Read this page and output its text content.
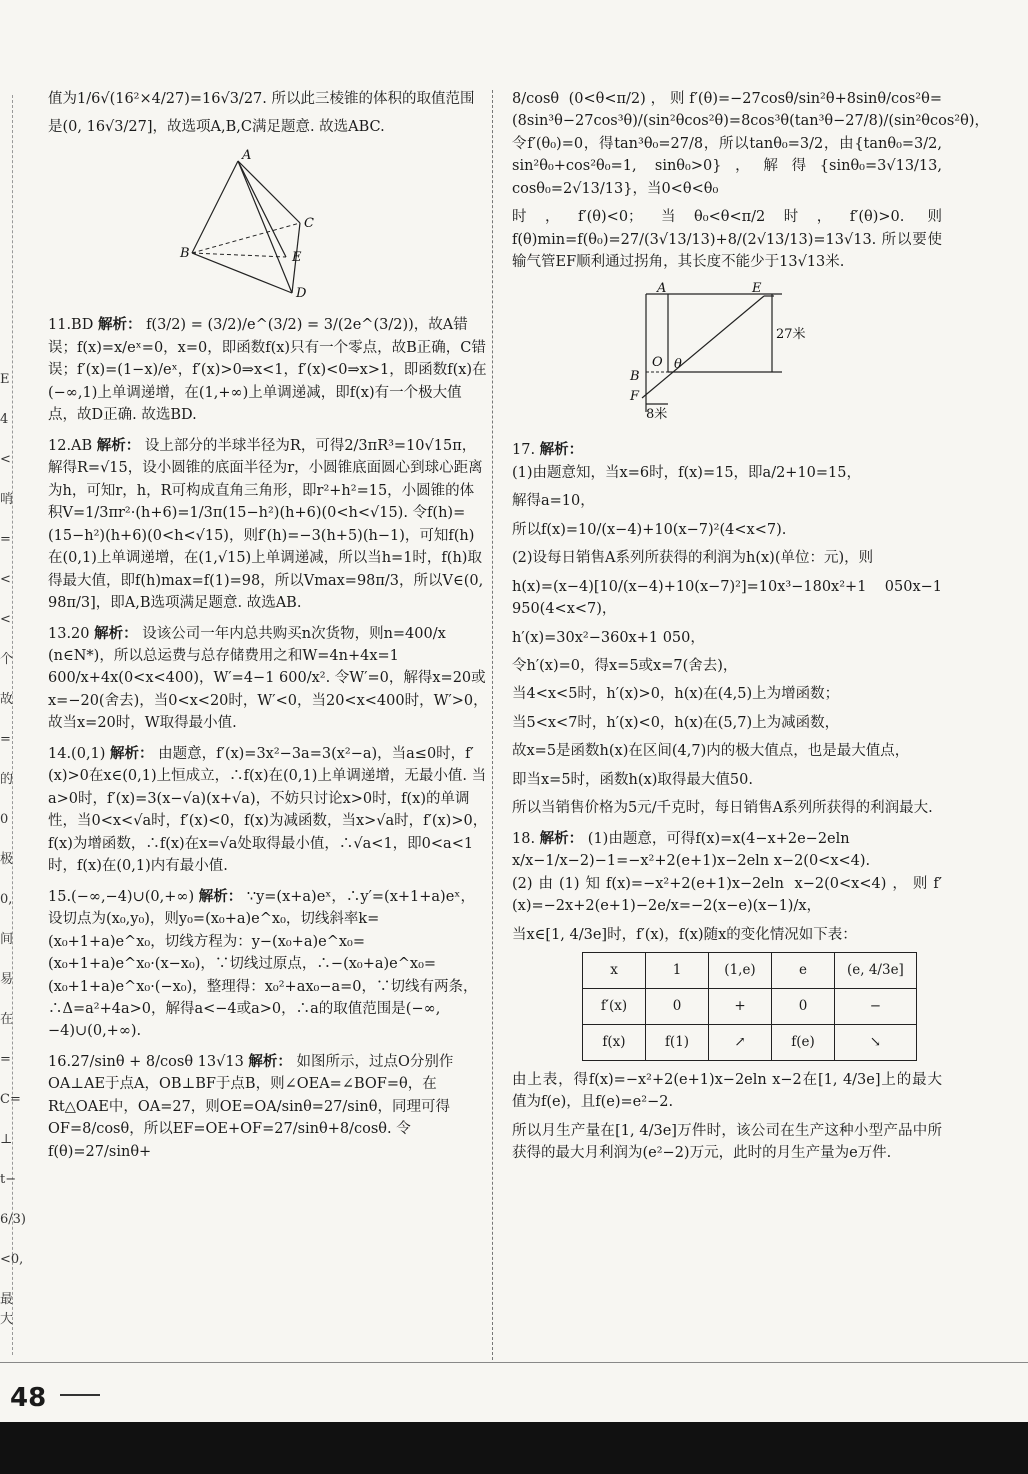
E
4
<
哨
=
<
<
个
故
=
的
0
极
0,
间
易
在
=
C=
⊥
t−
6/3)
<0,
最大

值为1/6√(16²×4/27)=16√3/27. 所以此三棱锥的体积的取值范围

是(0, 16√3/27]，故选项A,B,C满足题意. 故选ABC.

A
B
C
D
E
11.BD 解析： f(3/2) = (3/2)/e^(3/2) = 3/(2e^(3/2))，故A错误；f(x)=x/eˣ=0，x=0，即函数f(x)只有一个零点，故B正确，C错误；f′(x)=(1−x)/eˣ，f′(x)>0⇒x<1，f′(x)<0⇒x>1，即函数f(x)在(−∞,1)上单调递增，在(1,+∞)上单调递减，即f(x)有一个极大值点，故D正确. 故选BD.
12.AB 解析： 设上部分的半球半径为R，可得2/3πR³=10√15π，解得R=√15，设小圆锥的底面半径为r，小圆锥底面圆心到球心距离为h，可知r，h，R可构成直角三角形，即r²+h²=15，小圆锥的体积V=1/3πr²·(h+6)=1/3π(15−h²)(h+6)(0<h<√15). 令f(h)=(15−h²)(h+6)(0<h<√15)，则f′(h)=−3(h+5)(h−1)，可知f(h)在(0,1)上单调递增，在(1,√15)上单调递减，所以当h=1时，f(h)取得最大值，即f(h)max=f(1)=98，所以Vmax=98π/3，所以V∈(0, 98π/3]，即A,B选项满足题意. 故选AB.
13.20 解析： 设该公司一年内总共购买n次货物，则n=400/x (n∈N*)，所以总运费与总存储费用之和W=4n+4x=1 600/x+4x(0<x<400)，W′=4−1 600/x². 令W′=0，解得x=20或x=−20(舍去)，当0<x<20时，W′<0，当20<x<400时，W′>0，故当x=20时，W取得最小值.
14.(0,1) 解析： 由题意，f′(x)=3x²−3a=3(x²−a)，当a≤0时，f′(x)>0在x∈(0,1)上恒成立，∴f(x)在(0,1)上单调递增，无最小值. 当a>0时，f′(x)=3(x−√a)(x+√a)，不妨只讨论x>0时，f(x)的单调性，当0<x<√a时，f′(x)<0，f(x)为减函数，当x>√a时，f′(x)>0，f(x)为增函数，∴f(x)在x=√a处取得最小值，∴√a<1，即0<a<1时，f(x)在(0,1)内有最小值.
15.(−∞,−4)∪(0,+∞) 解析： ∵y=(x+a)eˣ，∴y′=(x+1+a)eˣ，设切点为(x₀,y₀)，则y₀=(x₀+a)e^x₀，切线斜率k=(x₀+1+a)e^x₀，切线方程为：y−(x₀+a)e^x₀=(x₀+1+a)e^x₀·(x−x₀)，∵切线过原点，∴−(x₀+a)e^x₀=(x₀+1+a)e^x₀·(−x₀)，整理得：x₀²+ax₀−a=0，∵切线有两条，∴Δ=a²+4a>0，解得a<−4或a>0，∴a的取值范围是(−∞,−4)∪(0,+∞).
16.27/sinθ + 8/cosθ 13√13 解析： 如图所示，过点O分别作OA⊥AE于点A，OB⊥BF于点B，则∠OEA=∠BOF=θ，在Rt△OAE中，OA=27，则OE=OA/sinθ=27/sinθ，同理可得OF=8/cosθ，所以EF=OE+OF=27/sinθ+8/cosθ. 令f(θ)=27/sinθ+

8/cosθ (0<θ<π/2)，则f′(θ)=−27cosθ/sin²θ+8sinθ/cos²θ=(8sin³θ−27cos³θ)/(sin²θcos²θ)=8cos³θ(tan³θ−27/8)/(sin²θcos²θ)，令f′(θ₀)=0，得tan³θ₀=27/8，所以tanθ₀=3/2，由{tanθ₀=3/2, sin²θ₀+cos²θ₀=1, sinθ₀>0}，解得{sinθ₀=3√13/13, cosθ₀=2√13/13}，当0<θ<θ₀

时，f′(θ)<0；当θ₀<θ<π/2时，f′(θ)>0. 则f(θ)min=f(θ₀)=27/(3√13/13)+8/(2√13/13)=13√13. 所以要使输气管EF顺利通过拐角，其长度不能少于13√13米.

A	E
O θ
B
F
27米
8米
17. 解析：

(1)由题意知，当x=6时，f(x)=15，即a/2+10=15，

解得a=10，

所以f(x)=10/(x−4)+10(x−7)²(4<x<7).

(2)设每日销售A系列所获得的利润为h(x)(单位：元)，则

h(x)=(x−4)[10/(x−4)+10(x−7)²]=10x³−180x²+1 050x−1 950(4<x<7)，

h′(x)=30x²−360x+1 050，

令h′(x)=0，得x=5或x=7(舍去)，

当4<x<5时，h′(x)>0，h(x)在(4,5)上为增函数；

当5<x<7时，h′(x)<0，h(x)在(5,7)上为减函数，

故x=5是函数h(x)在区间(4,7)内的极大值点，也是最大值点，

即当x=5时，函数h(x)取得最大值50.

所以当销售价格为5元/千克时，每日销售A系列所获得的利润最大.

18. 解析： (1)由题意，可得f(x)=x(4−x+2e−2eln x/x−1/x−2)−1=−x²+2(e+1)x−2eln x−2(0<x<4).

(2)由(1)知f(x)=−x²+2(e+1)x−2eln x−2(0<x<4)，则f′(x)=−2x+2(e+1)−2e/x=−2(x−e)(x−1)/x，

当x∈[1, 4/3e]时，f′(x)，f(x)随x的变化情况如下表：

x	1	(1,e)	e	(e, 4/3e]
f′(x)	0	+	0	−
f(x)	f(1)	↗	f(e)	↘

由上表，得f(x)=−x²+2(e+1)x−2eln x−2在[1, 4/3e]上的最大值为f(e)，且f(e)=e²−2.

所以月生产量在[1, 4/3e]万件时，该公司在生产这种小型产品中所获得的最大月利润为(e²−2)万元，此时的月生产量为e万件.

48
